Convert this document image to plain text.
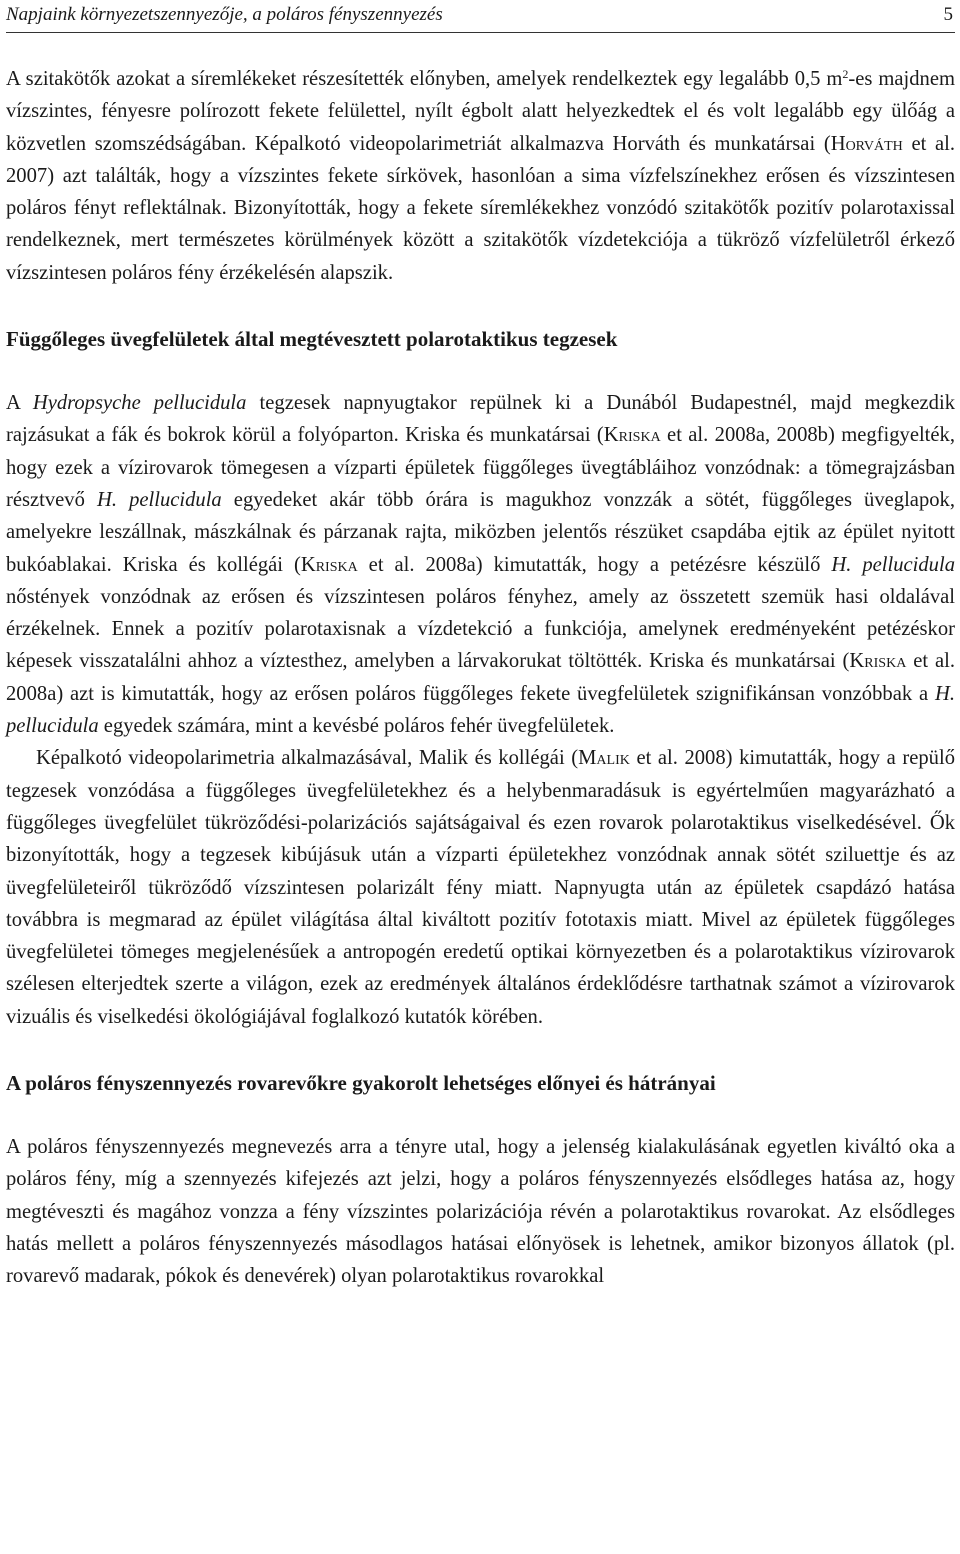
Napjaink környezetszennyezője, a poláros fényszennyezés	5

A szitakötők azokat a síremlékeket részesítették előnyben, amelyek rendelkeztek egy legalább 0,5 $m^2-es$ majdnem vízszintes, fényesre polírozott fekete felülettel, nyílt égbolt alatt helyezkedtek el és volt legalább egy ülőág a közvetlen szomszédságában. Képalkotó videopolarimetriát alkalmazva Horváth és munkatársai (Horváth et al. 2007) azt találták, hogy a vízszintes fekete sírkövek, hasonlóan a sima vízfelszínekhez erősen és vízszintesen poláros fényt reflektálnak. Bizonyították, hogy a fekete síremlékekhez vonzódó szitakötők pozitív polarotaxissal rendelkeznek, mert természetes körülmények között a szitakötők vízdetekciója a tükröző vízfelületről érkező vízszintesen poláros fény érzékelésén alapszik.

Függőleges üvegfelületek által megtévesztett polarotaktikus tegzesek

A Hydropsyche pellucidula tegzesek napnyugtakor repülnek ki a Dunából Budapestnél, majd megkezdik rajzásukat a fák és bokrok körül a folyóparton. Kriska és munkatársai (Kriska et al. 2008a, 2008b) megfigyelték, hogy ezek a vízirovarok tömegesen a vízparti épületek függőleges üvegtábláihoz vonzódnak: a tömegrajzásban résztvevő H. pellucidula egyedeket akár több órára is magukhoz vonzzák a sötét, függőleges üveglapok, amelyekre leszállnak, mászkálnak és párzanak rajta, miközben jelentős részüket csapdába ejtik az épület nyitott bukóablakai. Kriska és kollégái (Kriska et al. 2008a) kimutatták, hogy a petézésre készülő H. pellucidula nőstények vonzódnak az erősen és vízszintesen poláros fényhez, amely az összetett szemük hasi oldalával érzékelnek. Ennek a pozitív polarotaxisnak a vízdetekció a funkciója, amelynek eredményeként petézéskor képesek visszatalálni ahhoz a víztesthez, amelyben a lárvakorukat töltötték. Kriska és munkatársai (Kriska et al. 2008a) azt is kimutatták, hogy az erősen poláros függőleges fekete üvegfelületek szignifikánsan vonzóbbak a H. pellucidula egyedek számára, mint a kevésbé poláros fehér üvegfelületek.

Képalkotó videopolarimetria alkalmazásával, Malik és kollégái (Malik et al. 2008) kimutatták, hogy a repülő tegzesek vonzódása a függőleges üvegfelületekhez és a helybenmaradásuk is egyértelműen magyarázható a függőleges üvegfelület tükröződési-polarizációs sajátságaival és ezen rovarok polarotaktikus viselkedésével. Ők bizonyították, hogy a tegzesek kibújásuk után a vízparti épületekhez vonzódnak annak sötét sziluettje és az üvegfelületeiről tükröződő vízszintesen polarizált fény miatt. Napnyugta után az épületek csapdázó hatása továbbra is megmarad az épület világítása által kiváltott pozitív fototaxis miatt. Mivel az épületek függőleges üvegfelületei tömeges megjelenésűek a antropogén eredetű optikai környezetben és a polarotaktikus vízirovarok szélesen elterjedtek szerte a világon, ezek az eredmények általános érdeklődésre tarthatnak számot a vízirovarok vizuális és viselkedési ökológiájával foglalkozó kutatók körében.

A poláros fényszennyezés rovarevőkre gyakorolt lehetséges előnyei és hátrányai

A poláros fényszennyezés megnevezés arra a tényre utal, hogy a jelenség kialakulásának egyetlen kiváltó oka a poláros fény, míg a szennyezés kifejezés azt jelzi, hogy a poláros fényszennyezés elsődleges hatása az, hogy megtéveszti és magához vonzza a fény vízszintes polarizációja révén a polarotaktikus rovarokat. Az elsődleges hatás mellett a poláros fényszennyezés másodlagos hatásai előnyösek is lehetnek, amikor bizonyos állatok (pl. rovarevő madarak, pókok és denevérek) olyan polarotaktikus rovarokkal
